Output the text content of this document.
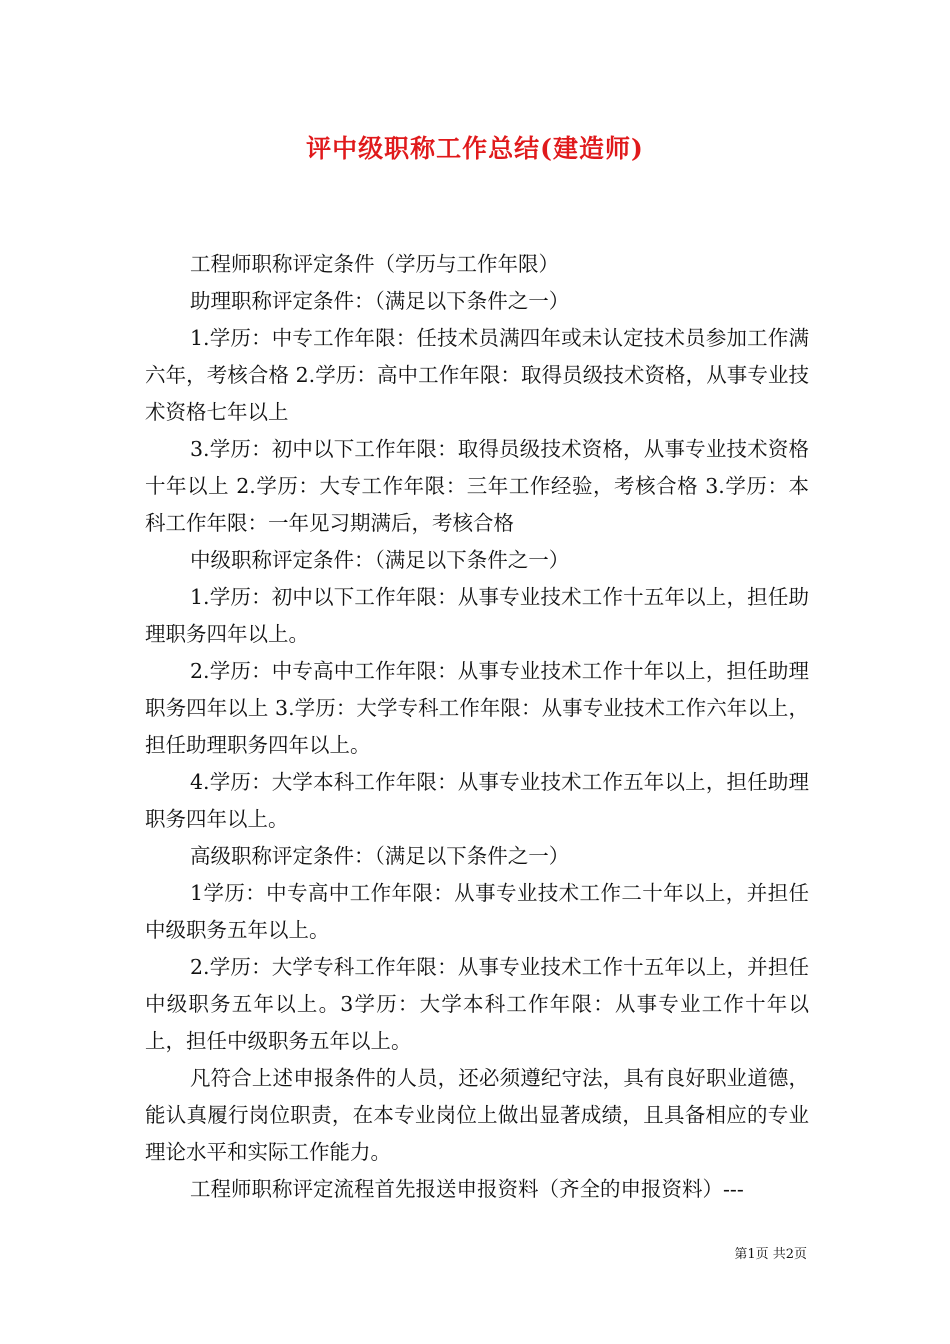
评中级职称工作总结(建造师)

工程师职称评定条件（学历与工作年限）

助理职称评定条件：（满足以下条件之一）

1.学历：中专工作年限：任技术员满四年或未认定技术员参加工作满六年，考核合格 2.学历：高中工作年限：取得员级技术资格，从事专业技术资格七年以上

3.学历：初中以下工作年限：取得员级技术资格，从事专业技术资格十年以上 2.学历：大专工作年限：三年工作经验，考核合格 3.学历：本科工作年限：一年见习期满后，考核合格

中级职称评定条件：（满足以下条件之一）

1.学历：初中以下工作年限：从事专业技术工作十五年以上，担任助理职务四年以上。

2.学历：中专高中工作年限：从事专业技术工作十年以上，担任助理职务四年以上 3.学历：大学专科工作年限：从事专业技术工作六年以上，担任助理职务四年以上。

4.学历：大学本科工作年限：从事专业技术工作五年以上，担任助理职务四年以上。

高级职称评定条件：（满足以下条件之一）

1学历：中专高中工作年限：从事专业技术工作二十年以上，并担任中级职务五年以上。

2.学历：大学专科工作年限：从事专业技术工作十五年以上，并担任中级职务五年以上。3学历：大学本科工作年限：从事专业工作十年以上，担任中级职务五年以上。

凡符合上述申报条件的人员，还必须遵纪守法，具有良好职业道德，能认真履行岗位职责，在本专业岗位上做出显著成绩，且具备相应的专业理论水平和实际工作能力。

工程师职称评定流程首先报送申报资料（齐全的申报资料）---

第1页 共2页
